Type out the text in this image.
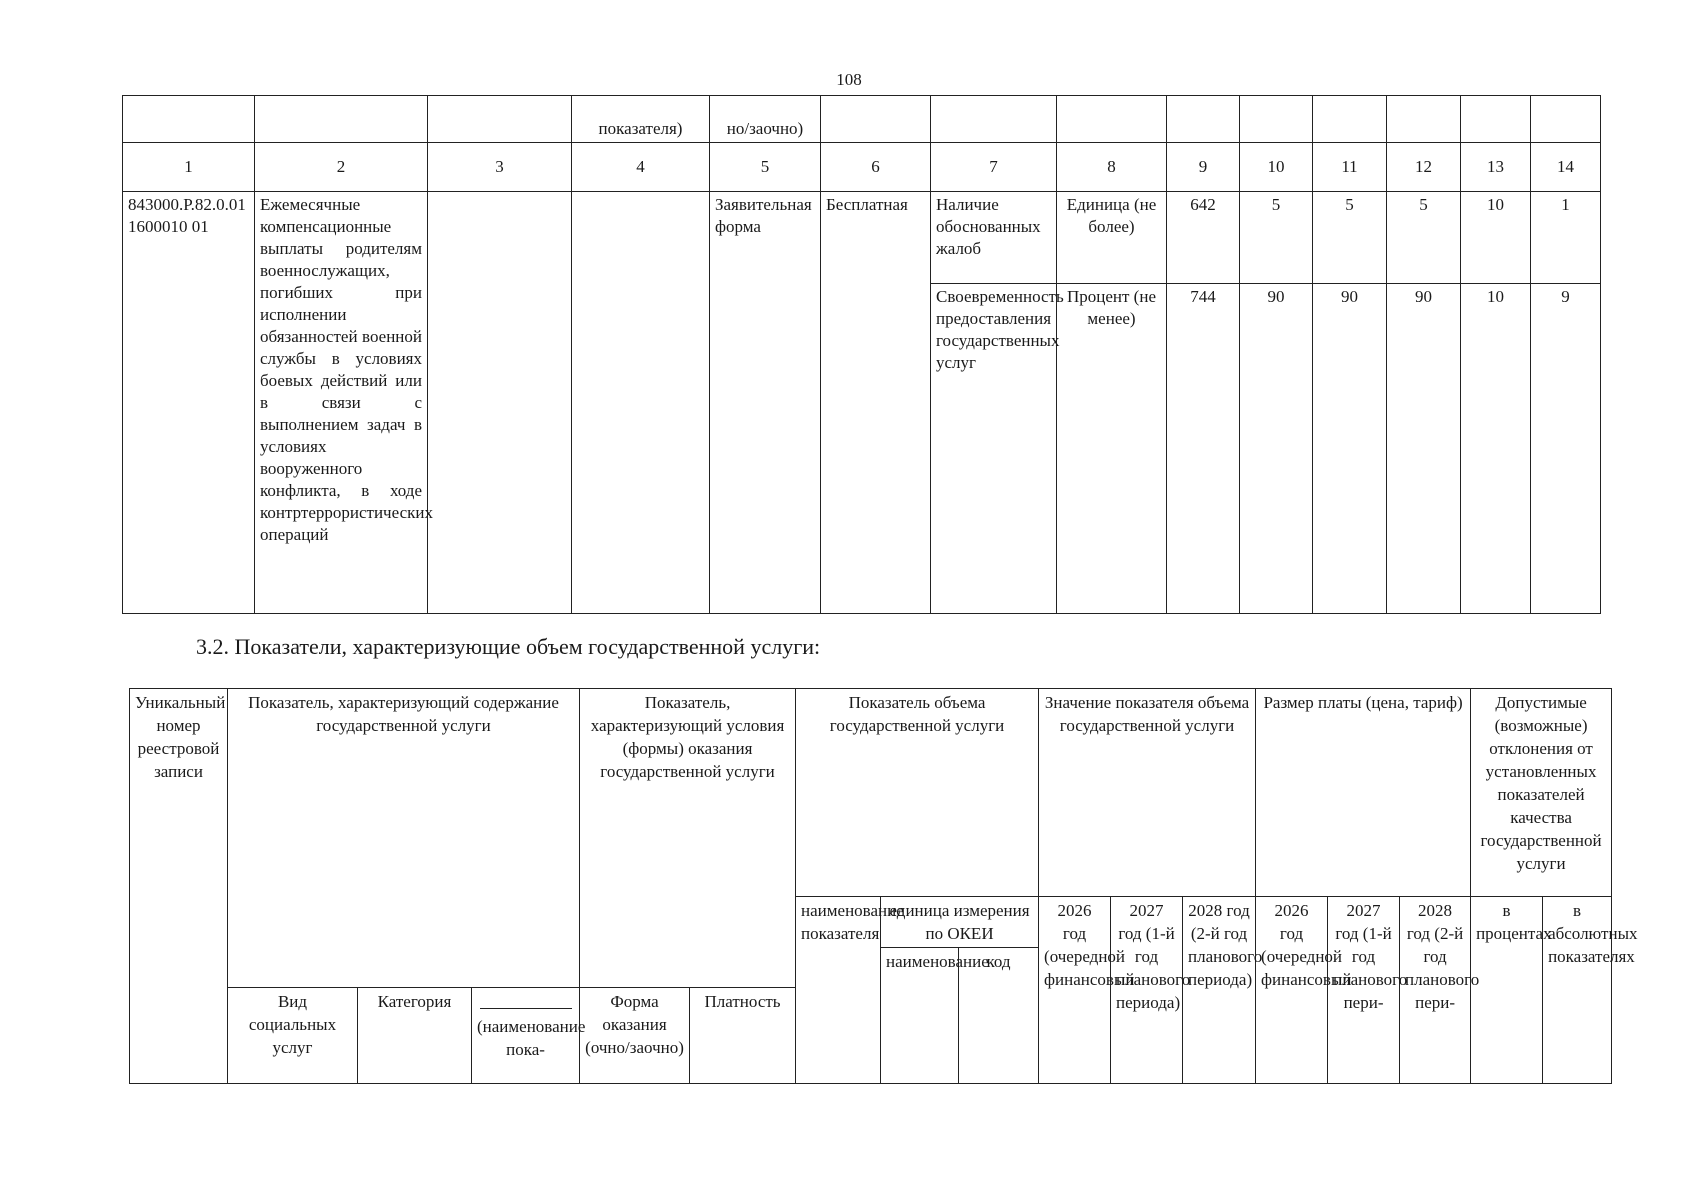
108
			показателя)	но/заочно)									
1	2	3	4	5	6	7	8	9	10	11	12	13	14
843000.Р.82.0.011600010 01	Ежемесячные компенсационные выплаты родителям военнослужащих, погибших при исполнении обязанностей военной службы в условиях боевых действий или в связи с выполнением задач в условиях вооруженного конфликта, в ходе контртеррористических операций			Заявительная форма	Бесплатная	Наличие обоснованных жалоб	Единица (не более)	642	5	5	5	10	1
						Своевременность предоставления государственных услуг	Процент (не менее)	744	90	90	90	10	9
3.2. Показатели, характеризующие объем государственной услуги:
Уникальный номер реестровой записи	Показатель, характеризующий содержание государственной услуги			Показатель, характеризующий условия (формы) оказания государственной услуги		Показатель объема государственной услуги			Значение показателя объема государственной услуги			Размер платы (цена, тариф)			Допустимые (возможные) отклонения от установленных показателей качества государственной услуги	
						наименование показателя	единица измерения по ОКЕИ		2026 год (очередной финансовый	2027 год (1-й год планового периода)	2028 год (2-й год планового периода)	2026 год (очередной финансовый	2027 год (1-й год планового пери-	2028 год (2-й год планового пери-	в процентах	в абсолютных показателях
							наименование	код								
	Вид социальных услуг	Категория	(наименование пока-	Форма оказания (очно/заочно)	Платность											
